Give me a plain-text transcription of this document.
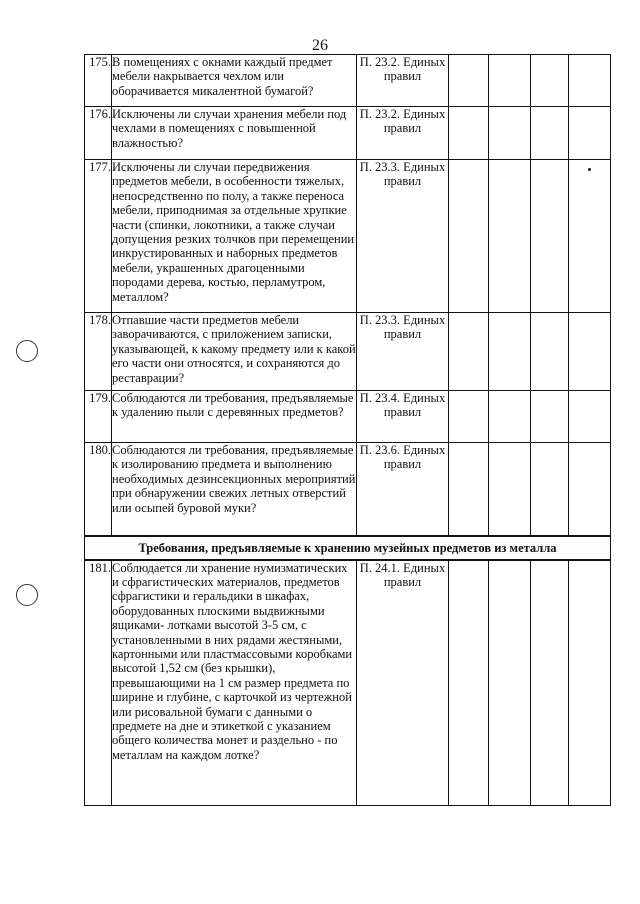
26
175.	В помещениях с окнами каждый предмет мебели накрывается чехлом или оборачивается микалентной бумагой?	П. 23.2. Единых правил				
176.	Исключены ли случаи хранения мебели под чехлами в помещениях с повышенной влажностью?	П. 23.2. Единых правил				
177.	Исключены ли случаи передвижения предметов мебели, в особенности тяжелых, непосредственно по полу, а также переноса мебели, приподнимая за отдельные хрупкие части (спинки, локотники, а также случаи допущения резких толчков при перемещении инкрустированных и наборных предметов мебели, украшенных драгоценными породами дерева, костью, перламутром, металлом?	П. 23.3. Единых правил				
178.	Отпавшие части предметов мебели заворачиваются, с приложением записки, указывающей, к какому предмету или к какой его части они относятся, и сохраняются до реставрации?	П. 23.3. Единых правил				
179.	Соблюдаются ли требования, предъявляемые к удалению пыли с деревянных предметов?	П. 23.4. Единых правил				
180.	Соблюдаются ли требования, предъявляемые к изолированию предмета и выполнению необходимых дезинсекционных мероприятий при обнаружении свежих летных отверстий или осыпей буровой муки?	П. 23.6. Единых правил				
Требования, предъявляемые к хранению музейных предметов из металла						
181.	Соблюдается ли хранение нумизматических и сфрагистических материалов, предметов сфрагистики и геральдики в шкафах, оборудованных плоскими выдвижными ящиками- лотками высотой 3-5 см, с установленными в них рядами жестяными, картонными или пластмассовыми коробками высотой 1,52 см (без крышки), превышающими на 1 см размер предмета по ширине и глубине, с карточкой из чертежной или рисовальной бумаги с данными о предмете на дне и этикеткой с указанием общего количества монет и раздельно - по металлам на каждом лотке?	П. 24.1. Единых правил				
